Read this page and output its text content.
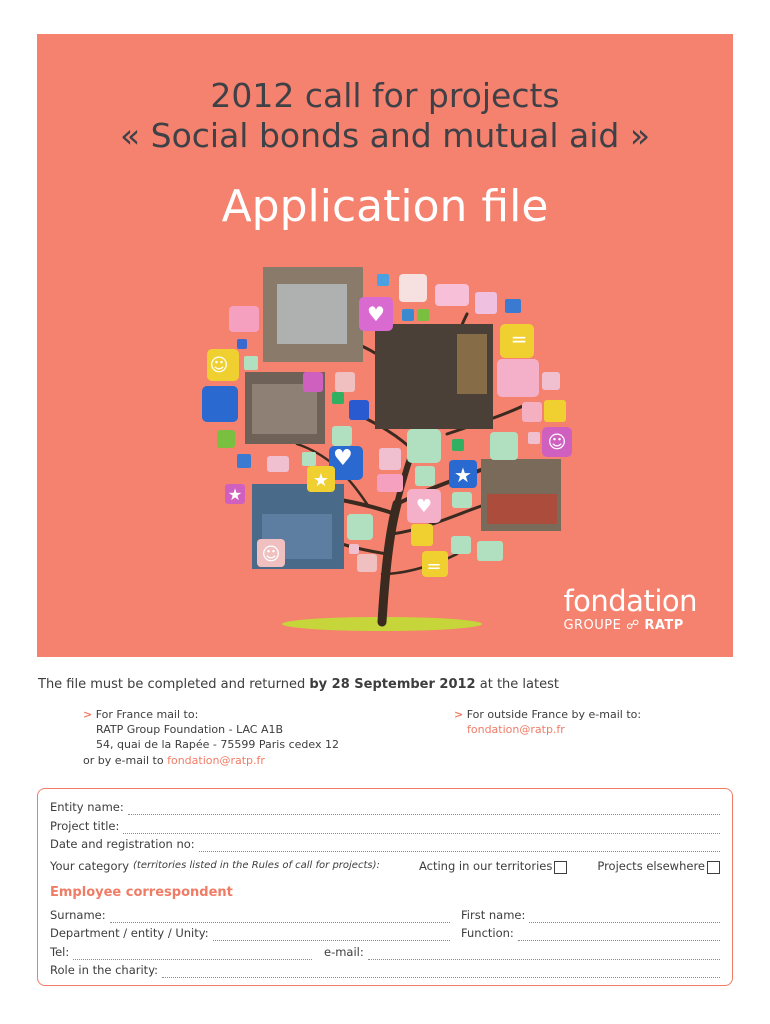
2012 call for projects
« Social bonds and mutual aid »
Application file
♥
♥
♥
☺
☺
☺
★
★
★
=
=
fondation
GROUPE ☍ RATP
The file must be completed and returned by 28 September 2012 at the latest
> For France mail to:
RATP Group Foundation - LAC A1B
54, quai de la Rapée - 75599 Paris cedex 12
> For outside France by e-mail to:
fondation@ratp.fr
or by e-mail to fondation@ratp.fr
Entity name:
Project title:
Date and registration no:
Your category (territories listed in the Rules of call for projects):	Acting in our territories	Projects elsewhere
Employee correspondent
Surname:	First name:
Department / entity / Unity:	Function:
Tel:	e-mail:
Role in the charity:
